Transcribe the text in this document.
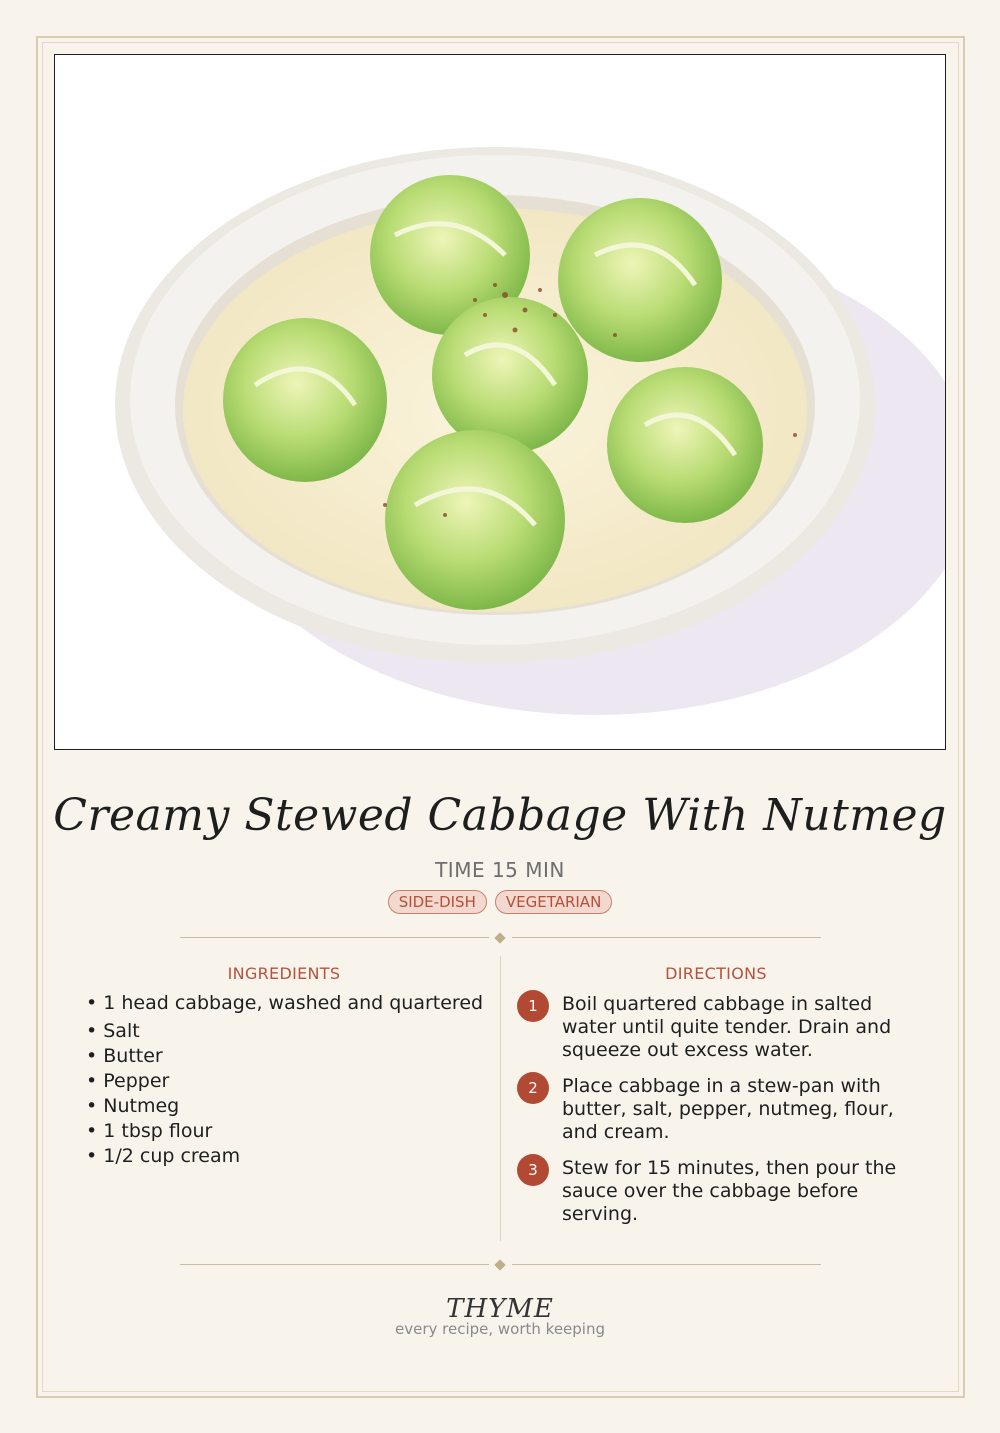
Creamy Stewed Cabbage With Nutmeg
TIME 15 MIN
SIDE-DISH	VEGETARIAN
INGREDIENTS
• 1 head cabbage, washed and quartered
• Salt
• Butter
• Pepper
• Nutmeg
• 1 tbsp flour
• 1/2 cup cream
DIRECTIONS
1	Boil quartered cabbage in salted water until quite tender. Drain and squeeze out excess water.
2	Place cabbage in a stew-pan with butter, salt, pepper, nutmeg, flour, and cream.
3	Stew for 15 minutes, then pour the sauce over the cabbage before serving.
THYME
every recipe, worth keeping
